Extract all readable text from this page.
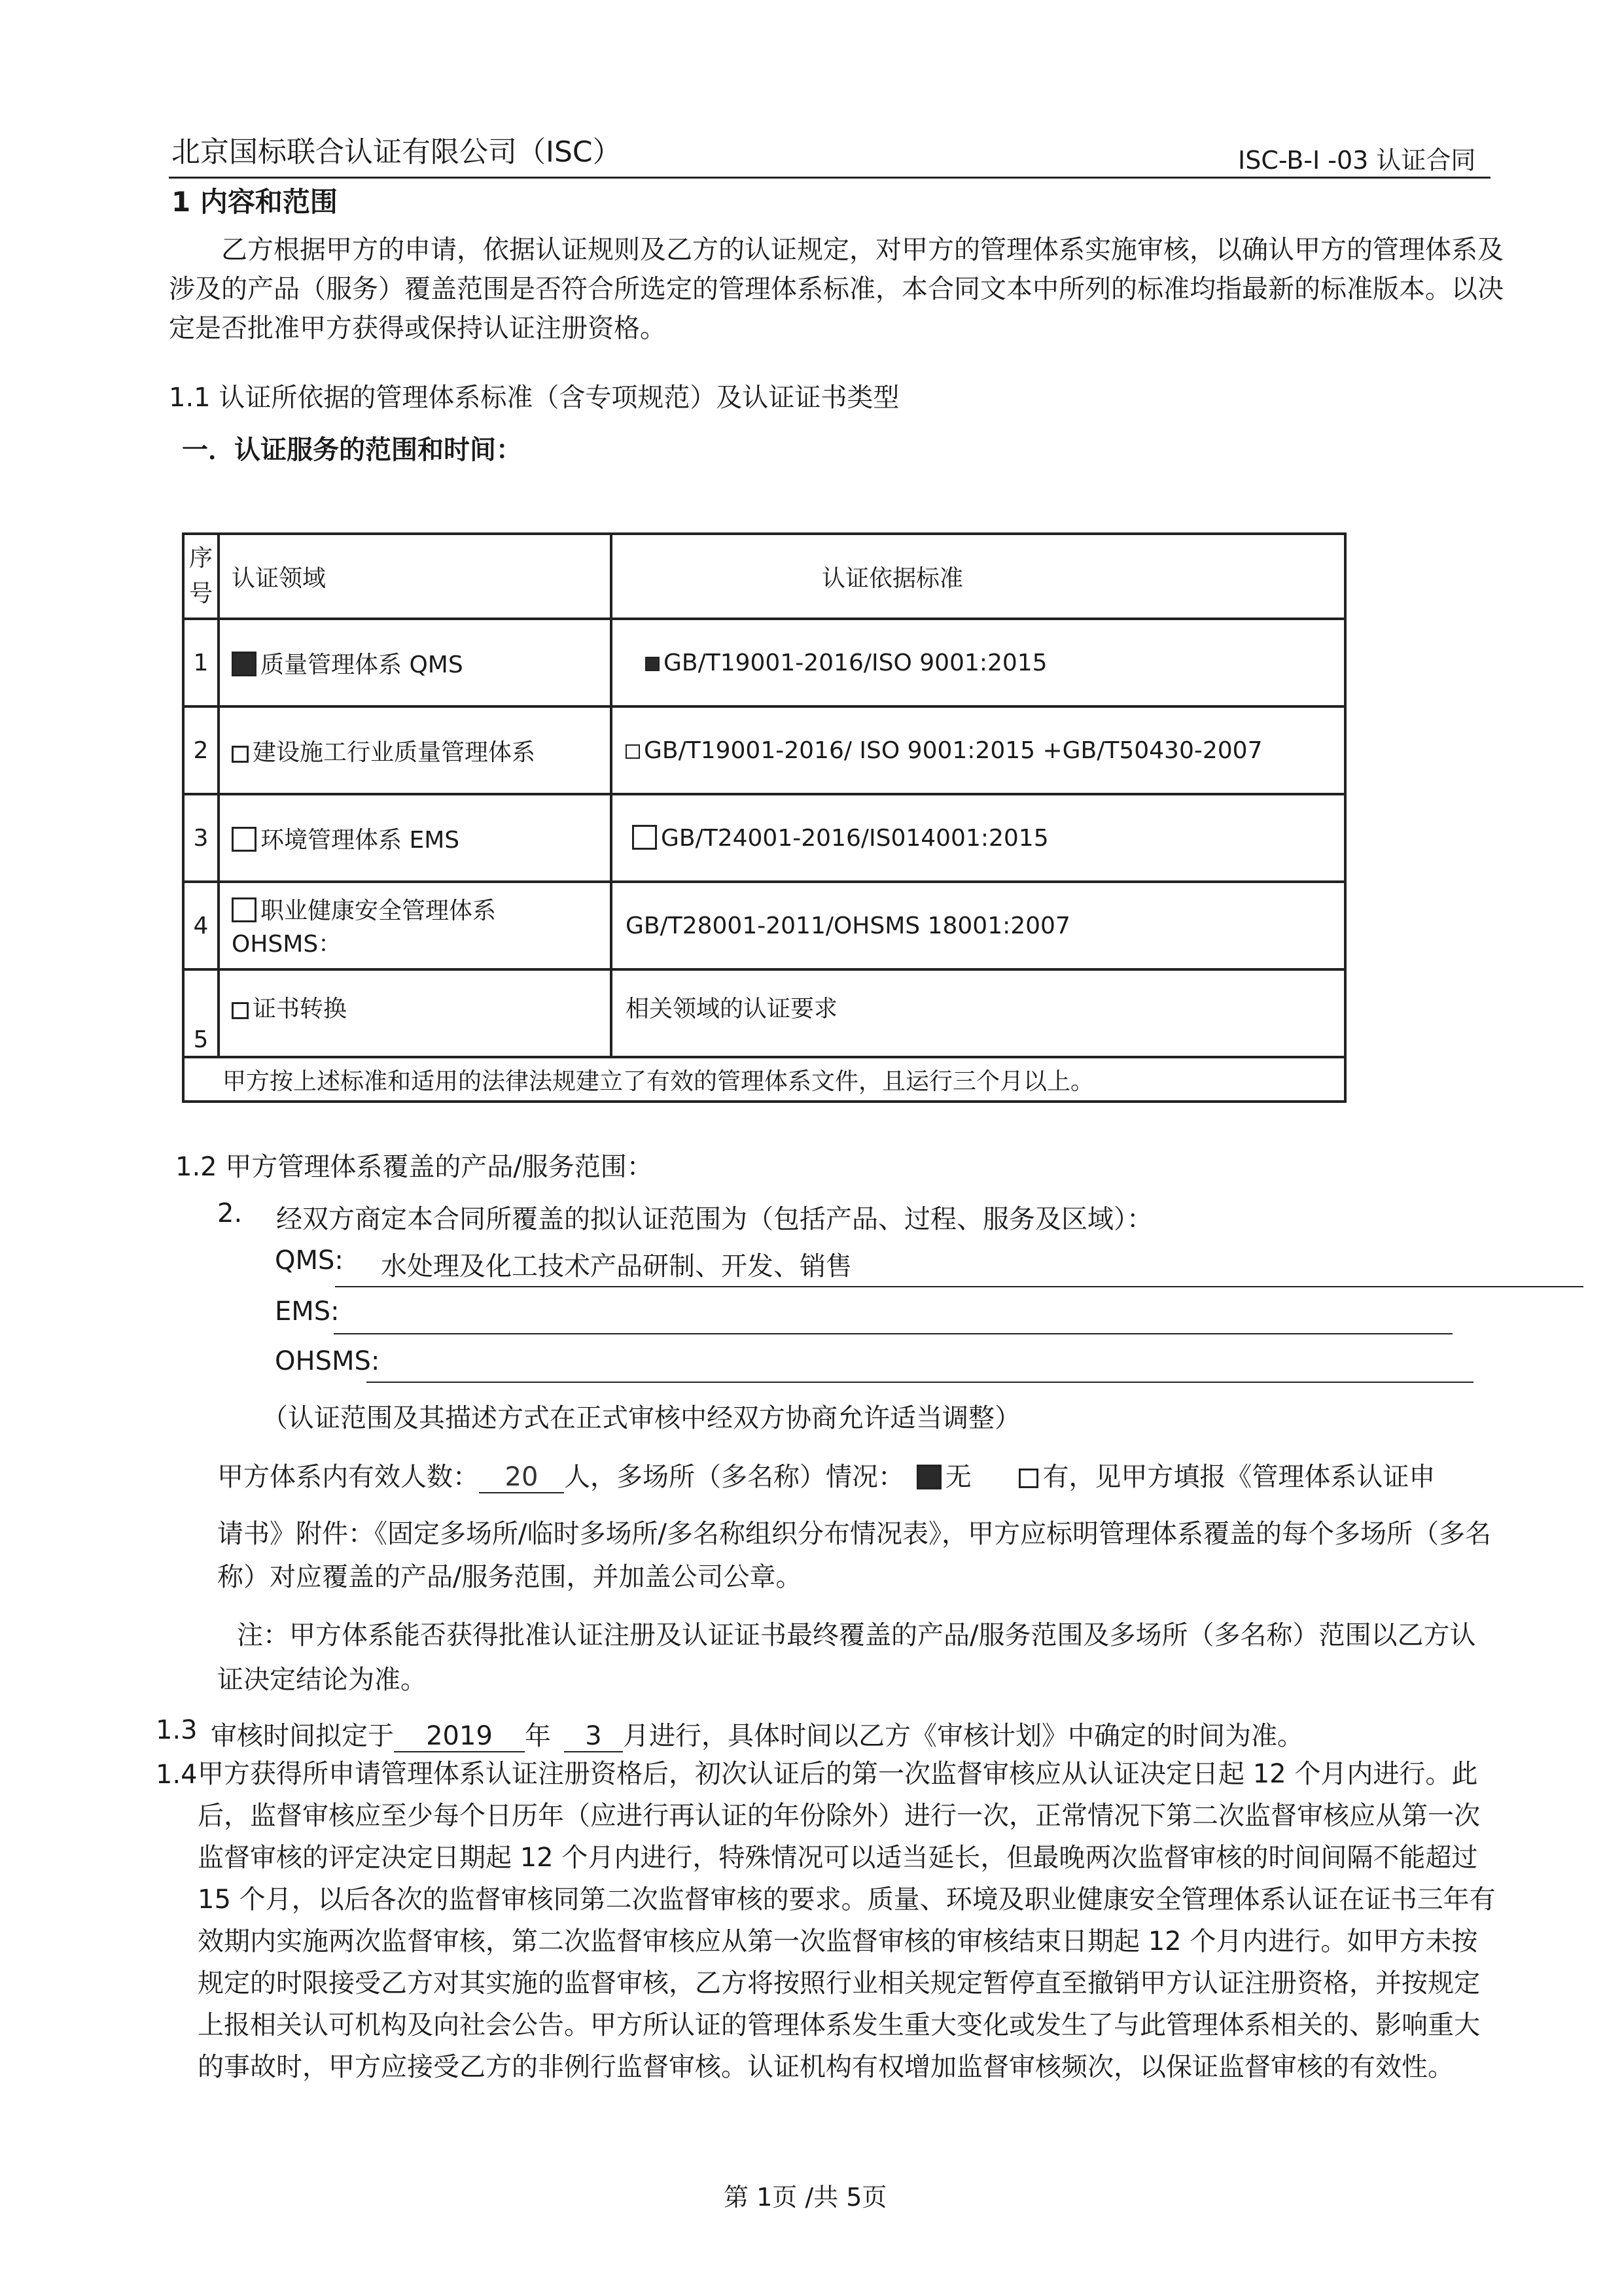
北京国标联合认证有限公司（ISC）	ISC-B-I -03 认证合同
1 内容和范围
乙方根据甲方的申请，依据认证规则及乙方的认证规定，对甲方的管理体系实施审核，以确认甲方的管理体系及涉及的产品（服务）覆盖范围是否符合所选定的管理体系标准，本合同文本中所列的标准均指最新的标准版本。以决定是否批准甲方获得或保持认证注册资格。
1.1 认证所依据的管理体系标准（含专项规范）及认证证书类型
一．认证服务的范围和时间：
序号	认证领域	认证依据标准
1	质量管理体系 QMS	GB/T19001-2016/ISO 9001:2015
2	建设施工行业质量管理体系	GB/T19001-2016/ ISO 9001:2015 +GB/T50430-2007
3	环境管理体系 EMS	GB/T24001-2016/IS014001:2015
4	职业健康安全管理体系 OHSMS：	GB/T28001-2011/OHSMS 18001:2007
5	证书转换	相关领域的认证要求
甲方按上述标准和适用的法律法规建立了有效的管理体系文件，且运行三个月以上。		
1.2 甲方管理体系覆盖的产品/服务范围：
2. 经双方商定本合同所覆盖的拟认证范围为（包括产品、过程、服务及区域）：
QMS: 水处理及化工技术产品研制、开发、销售
EMS:
OHSMS:
（认证范围及其描述方式在正式审核中经双方协商允许适当调整）
甲方体系内有效人数： 20 人，多场所（多名称）情况： 无	有，见甲方填报《管理体系认证申
请书》附件：《固定多场所/临时多场所/多名称组织分布情况表》，甲方应标明管理体系覆盖的每个多场所（多名称）对应覆盖的产品/服务范围，并加盖公司公章。
注：甲方体系能否获得批准认证注册及认证证书最终覆盖的产品/服务范围及多场所（多名称）范围以乙方认证决定结论为准。
1.3 审核时间拟定于 2019 年 3 月进行，具体时间以乙方《审核计划》中确定的时间为准。
1.4 甲方获得所申请管理体系认证注册资格后，初次认证后的第一次监督审核应从认证决定日起 12 个月内进行。此后，监督审核应至少每个日历年（应进行再认证的年份除外）进行一次，正常情况下第二次监督审核应从第一次监督审核的评定决定日期起 12 个月内进行，特殊情况可以适当延长，但最晚两次监督审核的时间间隔不能超过 15 个月，以后各次的监督审核同第二次监督审核的要求。质量、环境及职业健康安全管理体系认证在证书三年有效期内实施两次监督审核，第二次监督审核应从第一次监督审核的审核结束日期起 12 个月内进行。如甲方未按规定的时限接受乙方对其实施的监督审核，乙方将按照行业相关规定暂停直至撤销甲方认证注册资格，并按规定上报相关认可机构及向社会公告。甲方所认证的管理体系发生重大变化或发生了与此管理体系相关的、影响重大的事故时，甲方应接受乙方的非例行监督审核。认证机构有权增加监督审核频次，以保证监督审核的有效性。
第 1页 /共 5页
